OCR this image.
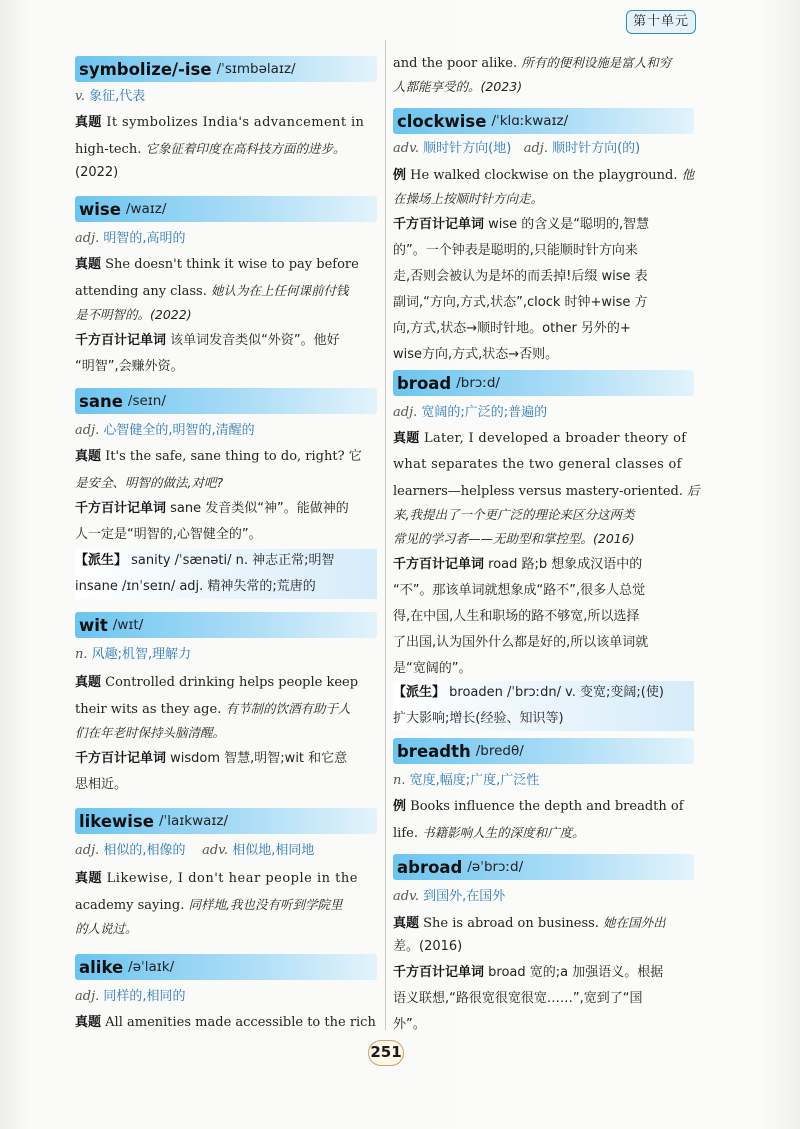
第十单元
symbolize/-ise /ˈsɪmbəlaɪz/
v. 象征,代表
真题 It symbolizes India's advancement in
high-tech. 它象征着印度在高科技方面的进步。
(2022)
wise /waɪz/
adj. 明智的,高明的
真题 She doesn't think it wise to pay before
attending any class. 她认为在上任何课前付钱
是不明智的。(2022)
千方百计记单词 该单词发音类似“外资”。他好
“明智”,会赚外资。
sane /seɪn/
adj. 心智健全的,明智的,清醒的
真题 It's the safe, sane thing to do, right? 它
是安全、明智的做法,对吧?
千方百计记单词 sane 发音类似“神”。能做神的
人一定是“明智的,心智健全的”。
【派生】 sanity /ˈsænəti/ n. 神志正常;明智
insane /ɪnˈseɪn/ adj. 精神失常的;荒唐的
wit /wɪt/
n. 风趣;机智,理解力
真题 Controlled drinking helps people keep
their wits as they age. 有节制的饮酒有助于人
们在年老时保持头脑清醒。
千方百计记单词 wisdom 智慧,明智;wit 和它意
思相近。
likewise /ˈlaɪkwaɪz/
adj. 相似的,相像的 adv. 相似地,相同地
真题 Likewise, I don't hear people in the
academy saying. 同样地,我也没有听到学院里
的人说过。
alike /əˈlaɪk/
adj. 同样的,相同的
真题 All amenities made accessible to the rich
and the poor alike. 所有的便利设施是富人和穷
人都能享受的。(2023)
clockwise /ˈklɑːkwaɪz/
adv. 顺时针方向(地) adj. 顺时针方向(的)
例 He walked clockwise on the playground. 他
在操场上按顺时针方向走。
千方百计记单词 wise 的含义是“聪明的,智慧
的”。一个钟表是聪明的,只能顺时针方向来
走,否则会被认为是坏的而丢掉!后缀 wise 表
副词,“方向,方式,状态”,clock 时钟+wise 方
向,方式,状态→顺时针地。other 另外的+
wise方向,方式,状态→否则。
broad /brɔːd/
adj. 宽阔的;广泛的;普遍的
真题 Later, I developed a broader theory of
what separates the two general classes of
learners—helpless versus mastery-oriented. 后
来,我提出了一个更广泛的理论来区分这两类
常见的学习者——无助型和掌控型。(2016)
千方百计记单词 road 路;b 想象成汉语中的
“不”。那该单词就想象成“路不”,很多人总觉
得,在中国,人生和职场的路不够宽,所以选择
了出国,认为国外什么都是好的,所以该单词就
是“宽阔的”。
【派生】 broaden /ˈbrɔːdn/ v. 变宽;变阔;(使)
扩大影响;增长(经验、知识等)
breadth /bredθ/
n. 宽度,幅度;广度,广泛性
例 Books influence the depth and breadth of
life. 书籍影响人生的深度和广度。
abroad /əˈbrɔːd/
adv. 到国外,在国外
真题 She is abroad on business. 她在国外出
差。(2016)
千方百计记单词 broad 宽的;a 加强语义。根据
语义联想,“路很宽很宽很宽……”,宽到了“国
外”。
251
